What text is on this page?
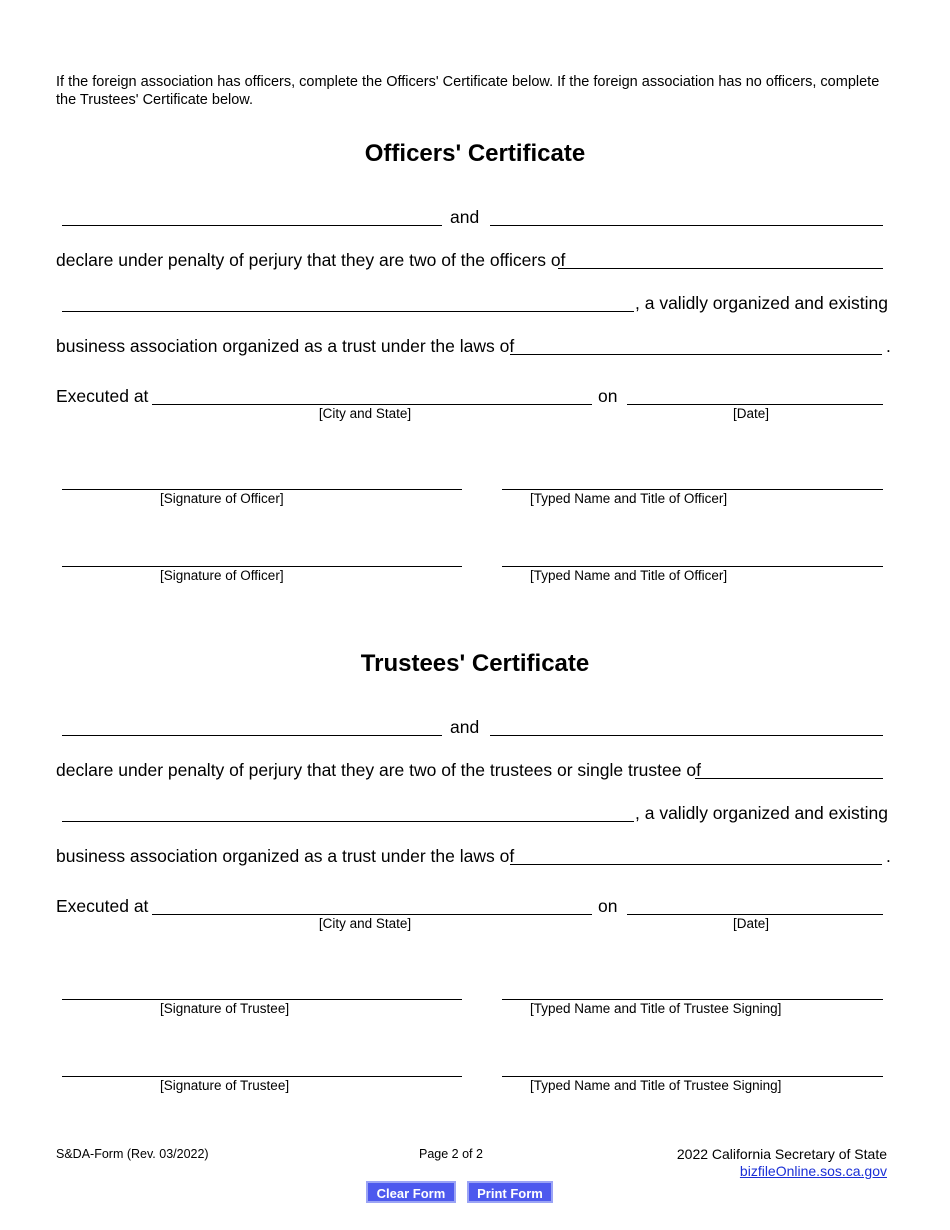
If the foreign association has officers, complete the Officers' Certificate below. If the foreign association has no officers, complete the Trustees' Certificate below.
Officers' Certificate
and
declare under penalty of perjury that they are two of the officers of
, a validly organized and existing
business association organized as a trust under the laws of	.
Executed at	on
[City and State]	[Date]
[Signature of Officer]	[Typed Name and Title of Officer]
[Signature of Officer]	[Typed Name and Title of Officer]
Trustees' Certificate
and
declare under penalty of perjury that they are two of the trustees or single trustee of
, a validly organized and existing
business association organized as a trust under the laws of	.
Executed at	on
[City and State]	[Date]
[Signature of Trustee]	[Typed Name and Title of Trustee Signing]
[Signature of Trustee]	[Typed Name and Title of Trustee Signing]
S&DA-Form (Rev. 03/2022)	Page 2 of 2	2022 California Secretary of State
bizfileOnline.sos.ca.gov
Clear Form	Print Form
